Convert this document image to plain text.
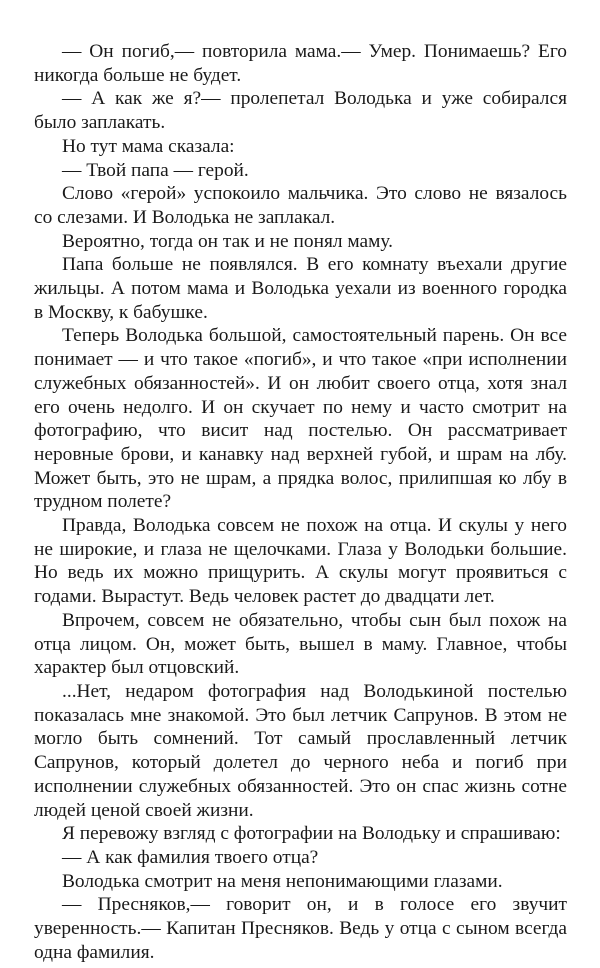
— Он погиб,— повторила мама.— Умер. Понимаешь? Его никогда больше не будет.

— А как же я?— пролепетал Володька и уже собирался было заплакать.

Но тут мама сказала:

— Твой папа — герой.

Слово «герой» успокоило мальчика. Это слово не вязалось со слезами. И Володька не заплакал.

Вероятно, тогда он так и не понял маму.

Папа больше не появлялся. В его комнату въехали другие жильцы. А потом мама и Володька уехали из военного городка в Москву, к бабушке.

Теперь Володька большой, самостоятельный парень. Он все понимает — и что такое «погиб», и что такое «при исполнении служебных обязанностей». И он любит своего отца, хотя знал его очень недолго. И он скучает по нему и часто смотрит на фотографию, что висит над постелью. Он рассматривает неровные брови, и канавку над верхней губой, и шрам на лбу. Может быть, это не шрам, а прядка волос, прилипшая ко лбу в трудном полете?

Правда, Володька совсем не похож на отца. И скулы у него не широкие, и глаза не щелочками. Глаза у Володьки большие. Но ведь их можно прищурить. А скулы могут проявиться с годами. Вырастут. Ведь человек растет до двадцати лет.

Впрочем, совсем не обязательно, чтобы сын был похож на отца лицом. Он, может быть, вышел в маму. Главное, чтобы характер был отцовский.

...Нет, недаром фотография над Володькиной постелью показалась мне знакомой. Это был летчик Сапрунов. В этом не могло быть сомнений. Тот самый прославленный летчик Сапрунов, который долетел до черного неба и погиб при исполнении служебных обязанностей. Это он спас жизнь сотне людей ценой своей жизни.

Я перевожу взгляд с фотографии на Володьку и спрашиваю:

— А как фамилия твоего отца?

Володька смотрит на меня непонимающими глазами.

— Пресняков,— говорит он, и в голосе его звучит уверенность.— Капитан Пресняков. Ведь у отца с сыном всегда одна фамилия.
